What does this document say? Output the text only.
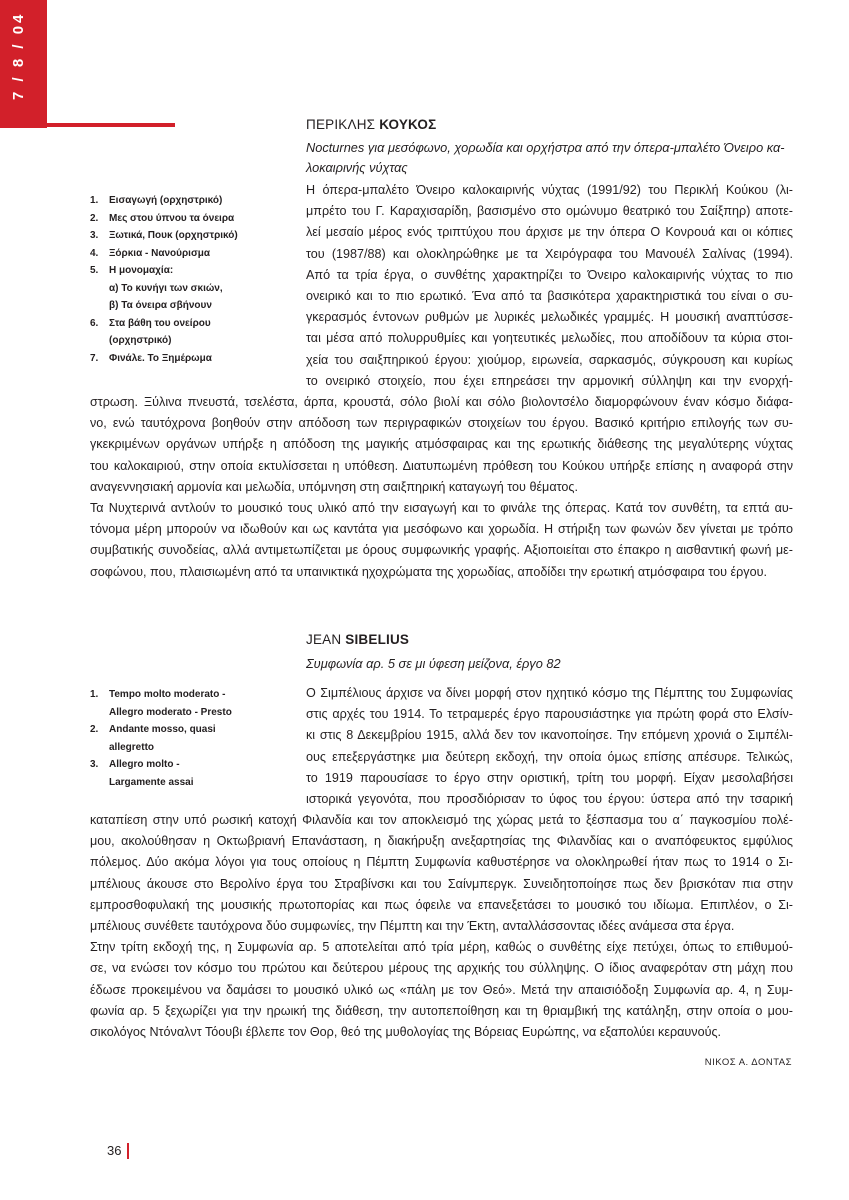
7 / 8 / 04
ΠΕΡΙΚΛΗΣ ΚΟΥΚΟΣ
Nocturnes για μεσόφωνο, χορωδία και ορχήστρα από την όπερα-μπαλέτο Όνειρο κα-
λοκαιρινής νύχτας
1. Εισαγωγή (ορχηστρικό)
2. Μες στου ύπνου τα όνειρα
3. Ξωτικά, Πουκ (ορχηστρικό)
4. Ξόρκια - Νανούρισμα
5. Η μονομαχία:
α) Το κυνήγι των σκιών,
β) Τα όνειρα σβήνουν
6. Στα βάθη του ονείρου
(ορχηστρικό)
7. Φινάλε. Το Ξημέρωμα
Η όπερα-μπαλέτο Όνειρο καλοκαιρινής νύχτας (1991/92) του Περικλή Κούκου (λι-
μπρέτο του Γ. Καραχισαρίδη, βασισμένο στο ομώνυμο θεατρικό του Σαίξπηρ) αποτε-
λεί μεσαίο μέρος ενός τριπτύχου που άρχισε με την όπερα Ο Κονρουά και οι κόπιες
του (1987/88) και ολοκληρώθηκε με τα Χειρόγραφα του Μανουέλ Σαλίνας (1994).
Από τα τρία έργα, ο συνθέτης χαρακτηρίζει το Όνειρο καλοκαιρινής νύχτας το πιο
ονειρικό και το πιο ερωτικό. Ένα από τα βασικότερα χαρακτηριστικά του είναι ο συ-
γκερασμός έντονων ρυθμών με λυρικές μελωδικές γραμμές. Η μουσική αναπτύσσε-
ται μέσα από πολυρρυθμίες και γοητευτικές μελωδίες, που αποδίδουν τα κύρια στοι-
χεία του σαιξπηρικού έργου: χιούμορ, ειρωνεία, σαρκασμός, σύγκρουση και κυρίως
το ονειρικό στοιχείο, που έχει επηρεάσει την αρμονική σύλληψη και την ενορχή-
στρωση. Ξύλινα πνευστά, τσελέστα, άρπα, κρουστά, σόλο βιολί και σόλο βιολοντσέλο διαμορφώνουν έναν κόσμο διάφα-
νο, ενώ ταυτόχρονα βοηθούν στην απόδοση των περιγραφικών στοιχείων του έργου. Βασικό κριτήριο επιλογής των συ-
γκεκριμένων οργάνων υπήρξε η απόδοση της μαγικής ατμόσφαιρας και της ερωτικής διάθεσης της μεγαλύτερης νύχτας
του καλοκαιριού, στην οποία εκτυλίσσεται η υπόθεση. Διατυπωμένη πρόθεση του Κούκου υπήρξε επίσης η αναφορά στην
αναγεννησιακή αρμονία και μελωδία, υπόμνηση στη σαιξπηρική καταγωγή του θέματος.
Τα Νυχτερινά αντλούν το μουσικό τους υλικό από την εισαγωγή και το φινάλε της όπερας. Κατά τον συνθέτη, τα επτά αυ-
τόνομα μέρη μπορούν να ιδωθούν και ως καντάτα για μεσόφωνο και χορωδία. Η στήριξη των φωνών δεν γίνεται με τρόπο
συμβατικής συνοδείας, αλλά αντιμετωπίζεται με όρους συμφωνικής γραφής. Αξιοποιείται στο έπακρο η αισθαντική φωνή με-
σοφώνου, που, πλαισιωμένη από τα υπαινικτικά ηχοχρώματα της χορωδίας, αποδίδει την ερωτική ατμόσφαιρα του έργου.
JEAN SIBELIUS
Συμφωνία αρ. 5 σε μι ύφεση μείζονα, έργο 82
1. Tempo molto moderato -
Allegro moderato - Presto
2. Andante mosso, quasi
allegretto
3. Allegro molto -
Largamente assai
Ο Σιμπέλιους άρχισε να δίνει μορφή στον ηχητικό κόσμο της Πέμπτης του Συμφωνίας
στις αρχές του 1914. Το τετραμερές έργο παρουσιάστηκε για πρώτη φορά στο Ελσίν-
κι στις 8 Δεκεμβρίου 1915, αλλά δεν τον ικανοποίησε. Την επόμενη χρονιά ο Σιμπέλι-
ους επεξεργάστηκε μια δεύτερη εκδοχή, την οποία όμως επίσης απέσυρε. Τελικώς,
το 1919 παρουσίασε το έργο στην οριστική, τρίτη του μορφή. Είχαν μεσολαβήσει
ιστορικά γεγονότα, που προσδιόρισαν το ύφος του έργου: ύστερα από την τσαρική
καταπίεση στην υπό ρωσική κατοχή Φιλανδία και τον αποκλεισμό της χώρας μετά το ξέσπασμα του α΄ παγκοσμίου πολέ-
μου, ακολούθησαν η Οκτωβριανή Επανάσταση, η διακήρυξη ανεξαρτησίας της Φιλανδίας και ο αναπόφευκτος εμφύλιος
πόλεμος. Δύο ακόμα λόγοι για τους οποίους η Πέμπτη Συμφωνία καθυστέρησε να ολοκληρωθεί ήταν πως το 1914 ο Σι-
μπέλιους άκουσε στο Βερολίνο έργα του Στραβίνσκι και του Σαίνμπεργκ. Συνειδητοποίησε πως δεν βρισκόταν πια στην
εμπροσθοφυλακή της μουσικής πρωτοπορίας και πως όφειλε να επανεξετάσει το μουσικό του ιδίωμα. Επιπλέον, ο Σι-
μπέλιους συνέθετε ταυτόχρονα δύο συμφωνίες, την Πέμπτη και την Έκτη, ανταλλάσσοντας ιδέες ανάμεσα στα έργα.
Στην τρίτη εκδοχή της, η Συμφωνία αρ. 5 αποτελείται από τρία μέρη, καθώς ο συνθέτης είχε πετύχει, όπως το επιθυμού-
σε, να ενώσει τον κόσμο του πρώτου και δεύτερου μέρους της αρχικής του σύλληψης. Ο ίδιος αναφερόταν στη μάχη που
έδωσε προκειμένου να δαμάσει το μουσικό υλικό ως «πάλη με τον Θεό». Μετά την απαισιόδοξη Συμφωνία αρ. 4, η Συμ-
φωνία αρ. 5 ξεχωρίζει για την ηρωική της διάθεση, την αυτοπεποίθηση και τη θριαμβική της κατάληξη, στην οποία ο μου-
σικολόγος Ντόναλντ Τόουβι έβλεπε τον Θορ, θεό της μυθολογίας της Βόρειας Ευρώπης, να εξαπολύει κεραυνούς.
ΝΙΚΟΣ Α. ΔΟΝΤΑΣ
36
